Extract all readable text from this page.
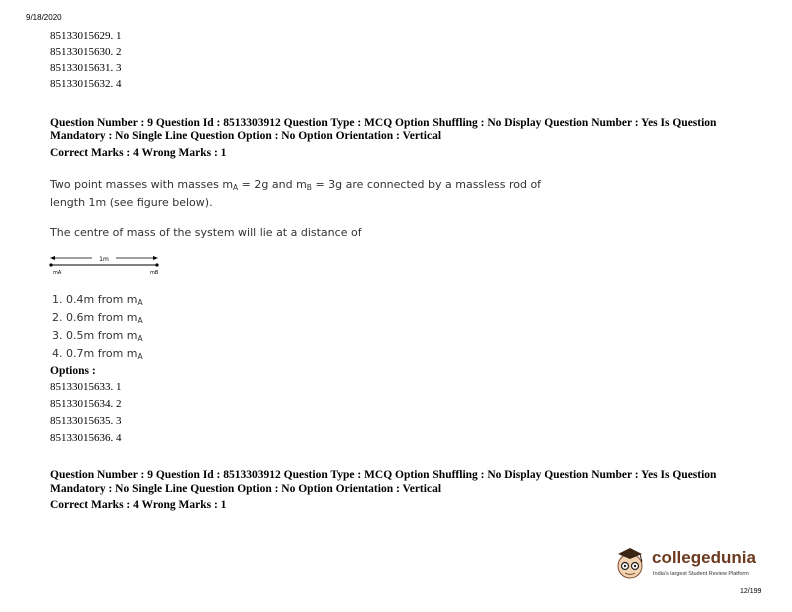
9/18/2020
85133015629. 1
85133015630. 2
85133015631. 3
85133015632. 4
Question Number : 9 Question Id : 8513303912 Question Type : MCQ Option Shuffling : No Display Question Number : Yes Is Question
Mandatory : No Single Line Question Option : No Option Orientation : Vertical
Correct Marks : 4 Wrong Marks : 1
Two point masses with masses mA = 2g and mB = 3g are connected by a massless rod of
length 1m (see figure below).
The centre of mass of the system will lie at a distance of
1m
mA	mB
1. 0.4m from mA
2. 0.6m from mA
3. 0.5m from mA
4. 0.7m from mA
Options :
85133015633. 1
85133015634. 2
85133015635. 3
85133015636. 4
Question Number : 9 Question Id : 8513303912 Question Type : MCQ Option Shuffling : No Display Question Number : Yes Is Question
Mandatory : No Single Line Question Option : No Option Orientation : Vertical
Correct Marks : 4 Wrong Marks : 1
collegedunia
India's largest Student Review Platform
12/199
